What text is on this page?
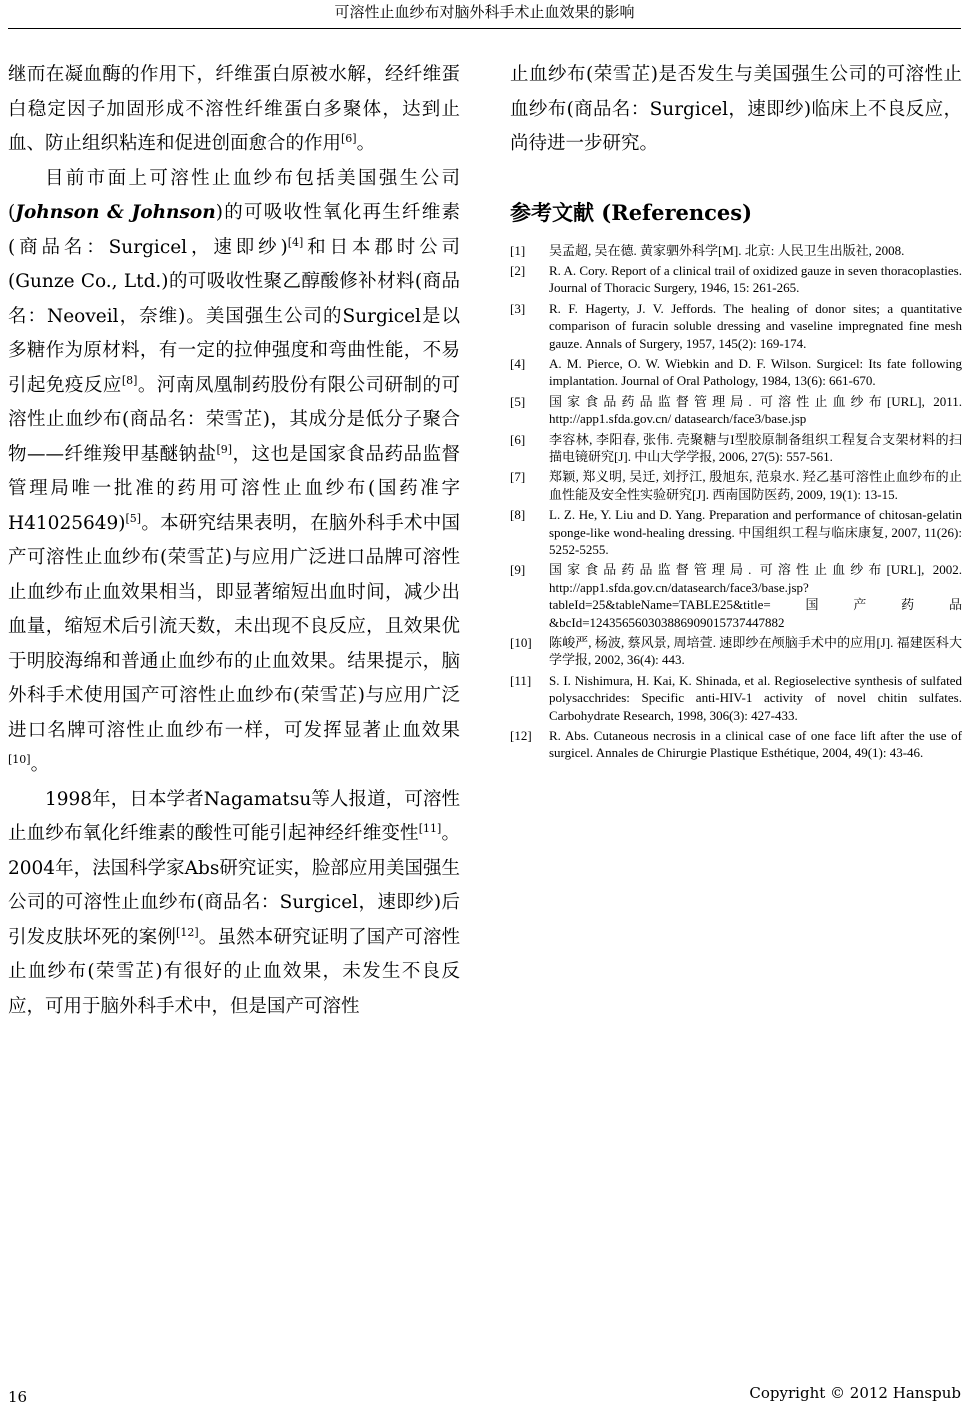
可溶性止血纱布对脑外科手术止血效果的影响

继而在凝血酶的作用下，纤维蛋白原被水解，经纤维蛋白稳定因子加固形成不溶性纤维蛋白多聚体，达到止血、防止组织粘连和促进创面愈合的作用[6]。

目前市面上可溶性止血纱布包括美国强生公司(Johnson & Johnson)的可吸收性氧化再生纤维素(商品名：Surgicel，速即纱)[4]和日本郡时公司(Gunze Co., Ltd.)的可吸收性聚乙醇酸修补材料(商品名：Neoveil，奈维)。美国强生公司的Surgicel是以多糖作为原材料，有一定的拉伸强度和弯曲性能，不易引起免疫反应[8]。河南凤凰制药股份有限公司研制的可溶性止血纱布(商品名：荣雪芷)，其成分是低分子聚合物——纤维羧甲基醚钠盐[9]，这也是国家食品药品监督管理局唯一批准的药用可溶性止血纱布(国药准字H41025649)[5]。本研究结果表明，在脑外科手术中国产可溶性止血纱布(荣雪芷)与应用广泛进口品牌可溶性止血纱布止血效果相当，即显著缩短出血时间，减少出血量，缩短术后引流天数，未出现不良反应，且效果优于明胶海绵和普通止血纱布的止血效果。结果提示，脑外科手术使用国产可溶性止血纱布(荣雪芷)与应用广泛进口名牌可溶性止血纱布一样，可发挥显著止血效果[10]。

1998年，日本学者Nagamatsu等人报道，可溶性止血纱布氧化纤维素的酸性可能引起神经纤维变性[11]。2004年，法国科学家Abs研究证实，脸部应用美国强生公司的可溶性止血纱布(商品名：Surgicel，速即纱)后引发皮肤坏死的案例[12]。虽然本研究证明了国产可溶性止血纱布(荣雪芷)有很好的止血效果，未发生不良反应，可用于脑外科手术中，但是国产可溶性

止血纱布(荣雪芷)是否发生与美国强生公司的可溶性止血纱布(商品名：Surgicel，速即纱)临床上不良反应，尚待进一步研究。

参考文献 (References)
[1]	吴孟超, 吴在德. 黄家驷外科学[M]. 北京: 人民卫生出版社, 2008.
[2]	R. A. Cory. Report of a clinical trail of oxidized gauze in seven thoracoplasties. Journal of Thoracic Surgery, 1946, 15: 261-265.
[3]	R. F. Hagerty, J. V. Jeffords. The healing of donor sites; a quantitative comparison of furacin soluble dressing and vaseline impregnated fine mesh gauze. Annals of Surgery, 1957, 145(2): 169-174.
[4]	A. M. Pierce, O. W. Wiebkin and D. F. Wilson. Surgicel: Its fate following implantation. Journal of Oral Pathology, 1984, 13(6): 661-670.
[5]	国家食品药品监督管理局. 可溶性止血纱布[URL], 2011. http://app1.sfda.gov.cn/ datasearch/face3/base.jsp
[6]	李容林, 李阳春, 张伟. 壳聚糖与I型胶原制备组织工程复合支架材料的扫描电镜研究[J]. 中山大学学报, 2006, 27(5): 557-561.
[7]	郑颖, 郑义明, 吴迁, 刘抒江, 殷旭东, 范泉水. 羟乙基可溶性止血纱布的止血性能及安全性实验研究[J]. 西南国防医药, 2009, 19(1): 13-15.
[8]	L. Z. He, Y. Liu and D. Yang. Preparation and performance of chitosan-gelatin sponge-like wond-healing dressing. 中国组织工程与临床康复, 2007, 11(26): 5252-5255.
[9]	国家食品药品监督管理局. 可溶性止血纱布[URL], 2002. http://app1.sfda.gov.cn/datasearch/face3/base.jsp?tableId=25&tableName=TABLE25&title=国产药品&bcId=124356560303886909015737447882
[10]	陈峻严, 杨波, 蔡风景, 周培萱. 速即纱在颅脑手术中的应用[J]. 福建医科大学学报, 2002, 36(4): 443.
[11]	S. I. Nishimura, H. Kai, K. Shinada, et al. Regioselective synthesis of sulfated polysacchrides: Specific anti-HIV-1 activity of novel chitin sulfates. Carbohydrate Research, 1998, 306(3): 427-433.
[12]	R. Abs. Cutaneous necrosis in a clinical case of one face lift after the use of surgicel. Annales de Chirurgie Plastique Esthétique, 2004, 49(1): 43-46.
16	Copyright © 2012 Hanspub
